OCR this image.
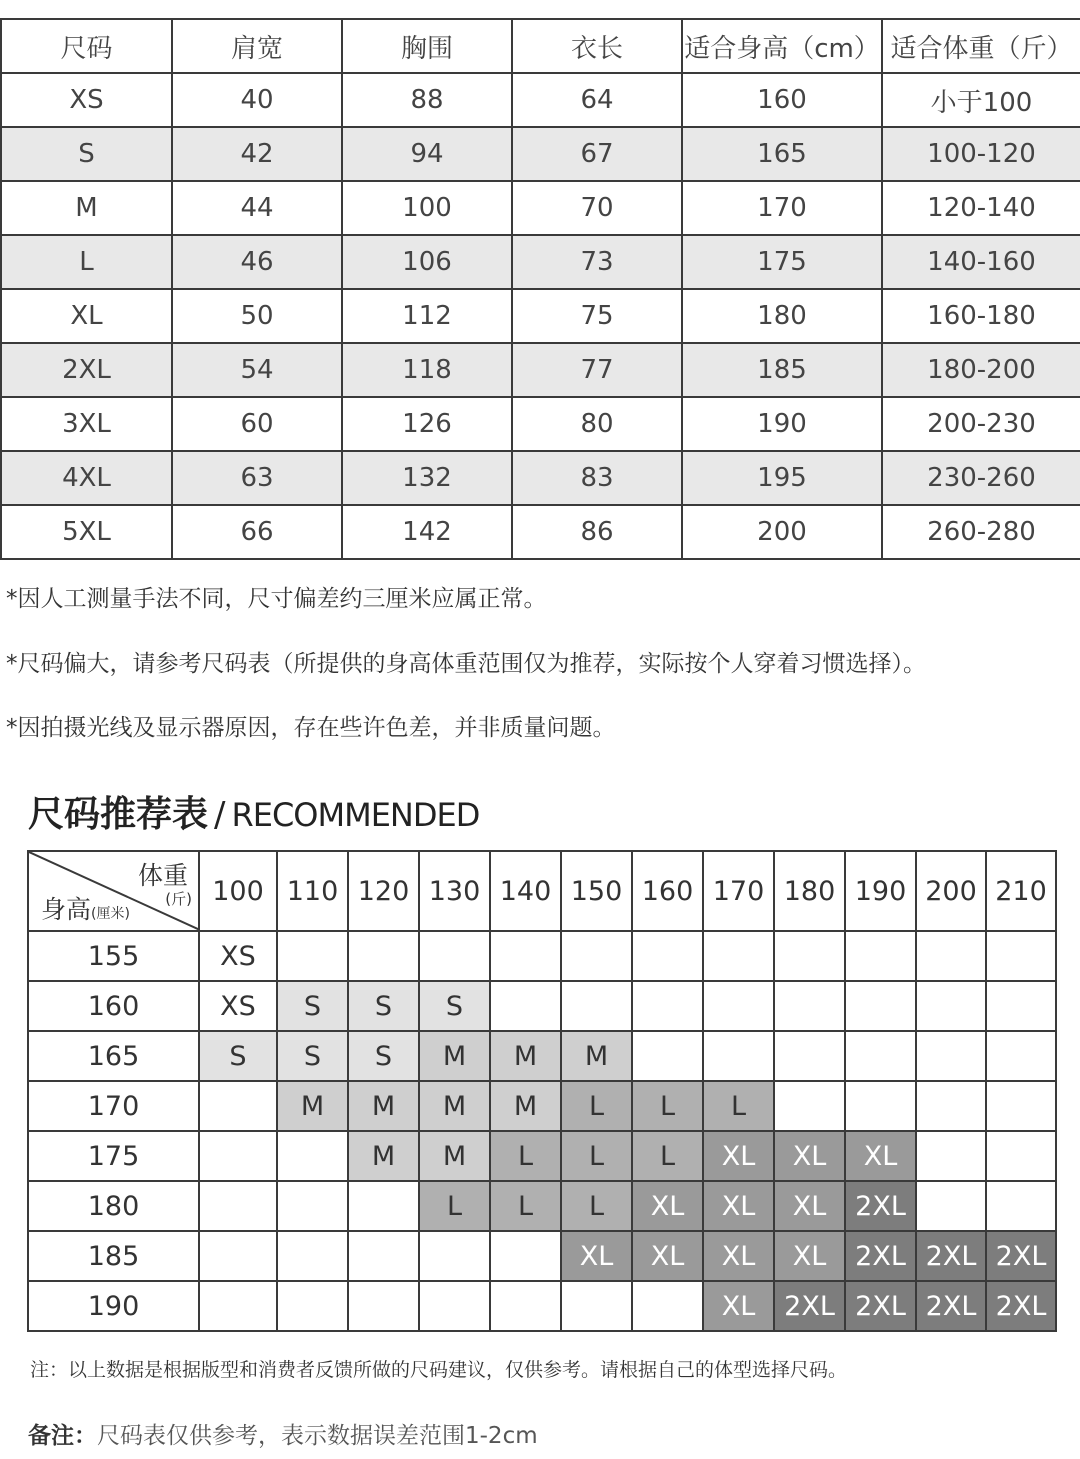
尺码	肩宽	胸围	衣长	适合身高（cm）	适合体重（斤）
XS	40	88	64	160	小于100
S	42	94	67	165	100-120
M	44	100	70	170	120-140
L	46	106	73	175	140-160
XL	50	112	75	180	160-180
2XL	54	118	77	185	180-200
3XL	60	126	80	190	200-230
4XL	63	132	83	195	230-260
5XL	66	142	86	200	260-280
*因人工测量手法不同，尺寸偏差约三厘米应属正常。
*尺码偏大，请参考尺码表（所提供的身高体重范围仅为推荐，实际按个人穿着习惯选择）。
*因拍摄光线及显示器原因，存在些许色差，并非质量问题。
尺码推荐表 / RECOMMENDED
体重
(斤)
身高(厘米)	100	110	120	130	140	150	160	170	180	190	200	210
155	XS											
160	XS	S	S	S								
165	S	S	S	M	M	M						
170		M	M	M	M	L	L	L				
175			M	M	L	L	L	XL	XL	XL		
180				L	L	L	XL	XL	XL	2XL		
185						XL	XL	XL	XL	2XL	2XL	2XL
190								XL	2XL	2XL	2XL	2XL
注：以上数据是根据版型和消费者反馈所做的尺码建议，仅供参考。请根据自己的体型选择尺码。
备注：尺码表仅供参考，表示数据误差范围1-2cm
